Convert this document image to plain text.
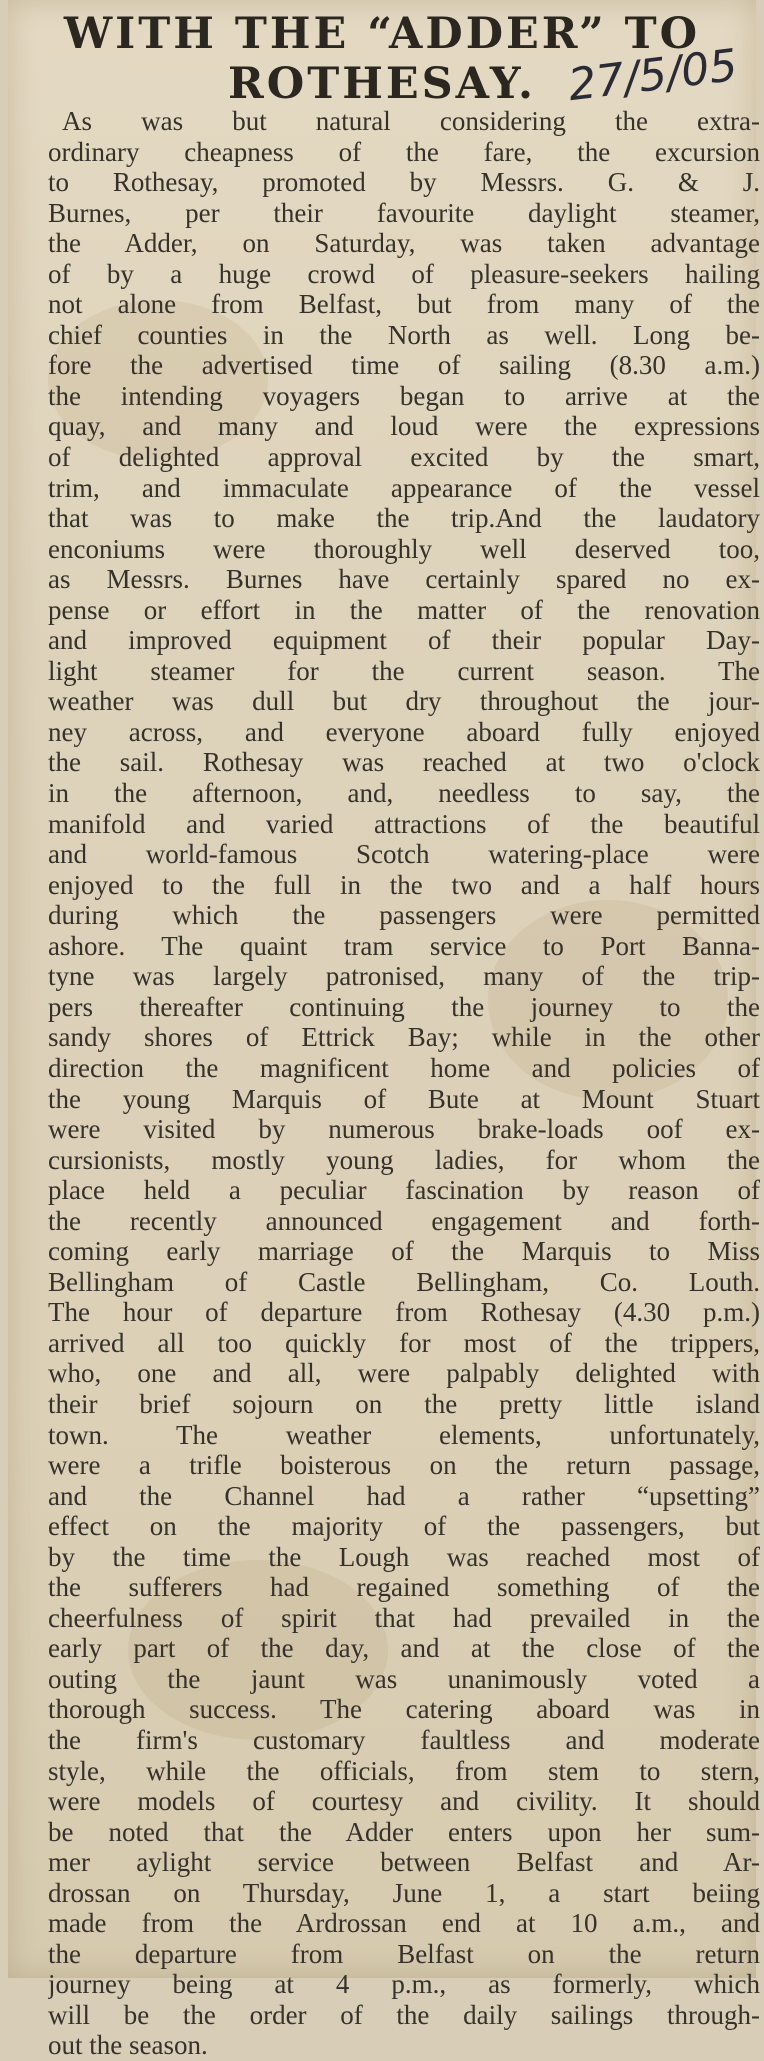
WITH THE “ADDER” TO
ROTHESAY. 27/5/05
As was but natural considering the extra-
ordinary cheapness of the fare, the excursion
to Rothesay, promoted by Messrs. G. & J.
Burnes, per their favourite daylight steamer,
the Adder, on Saturday, was taken advantage
of by a huge crowd of pleasure-seekers hailing
not alone from Belfast, but from many of the
chief counties in the North as well. Long be-
fore the advertised time of sailing (8.30 a.m.)
the intending voyagers began to arrive at the
quay, and many and loud were the expressions
of delighted approval excited by the smart,
trim, and immaculate appearance of the vessel
that was to make the trip.And the laudatory
enconiums were thoroughly well deserved too,
as Messrs. Burnes have certainly spared no ex-
pense or effort in the matter of the renovation
and improved equipment of their popular Day-
light steamer for the current season. The
weather was dull but dry throughout the jour-
ney across, and everyone aboard fully enjoyed
the sail. Rothesay was reached at two o'clock
in the afternoon, and, needless to say, the
manifold and varied attractions of the beautiful
and world-famous Scotch watering-place were
enjoyed to the full in the two and a half hours
during which the passengers were permitted
ashore. The quaint tram service to Port Banna-
tyne was largely patronised, many of the trip-
pers thereafter continuing the journey to the
sandy shores of Ettrick Bay; while in the other
direction the magnificent home and policies of
the young Marquis of Bute at Mount Stuart
were visited by numerous brake-loads oof ex-
cursionists, mostly young ladies, for whom the
place held a peculiar fascination by reason of
the recently announced engagement and forth-
coming early marriage of the Marquis to Miss
Bellingham of Castle Bellingham, Co. Louth.
The hour of departure from Rothesay (4.30 p.m.)
arrived all too quickly for most of the trippers,
who, one and all, were palpably delighted with
their brief sojourn on the pretty little island
town. The weather elements, unfortunately,
were a trifle boisterous on the return passage,
and the Channel had a rather “upsetting”
effect on the majority of the passengers, but
by the time the Lough was reached most of
the sufferers had regained something of the
cheerfulness of spirit that had prevailed in the
early part of the day, and at the close of the
outing the jaunt was unanimously voted a
thorough success. The catering aboard was in
the firm's customary faultless and moderate
style, while the officials, from stem to stern,
were models of courtesy and civility. It should
be noted that the Adder enters upon her sum-
mer aylight service between Belfast and Ar-
drossan on Thursday, June 1, a start beiing
made from the Ardrossan end at 10 a.m., and
the departure from Belfast on the return
journey being at 4 p.m., as formerly, which
will be the order of the daily sailings through-
out the season.
